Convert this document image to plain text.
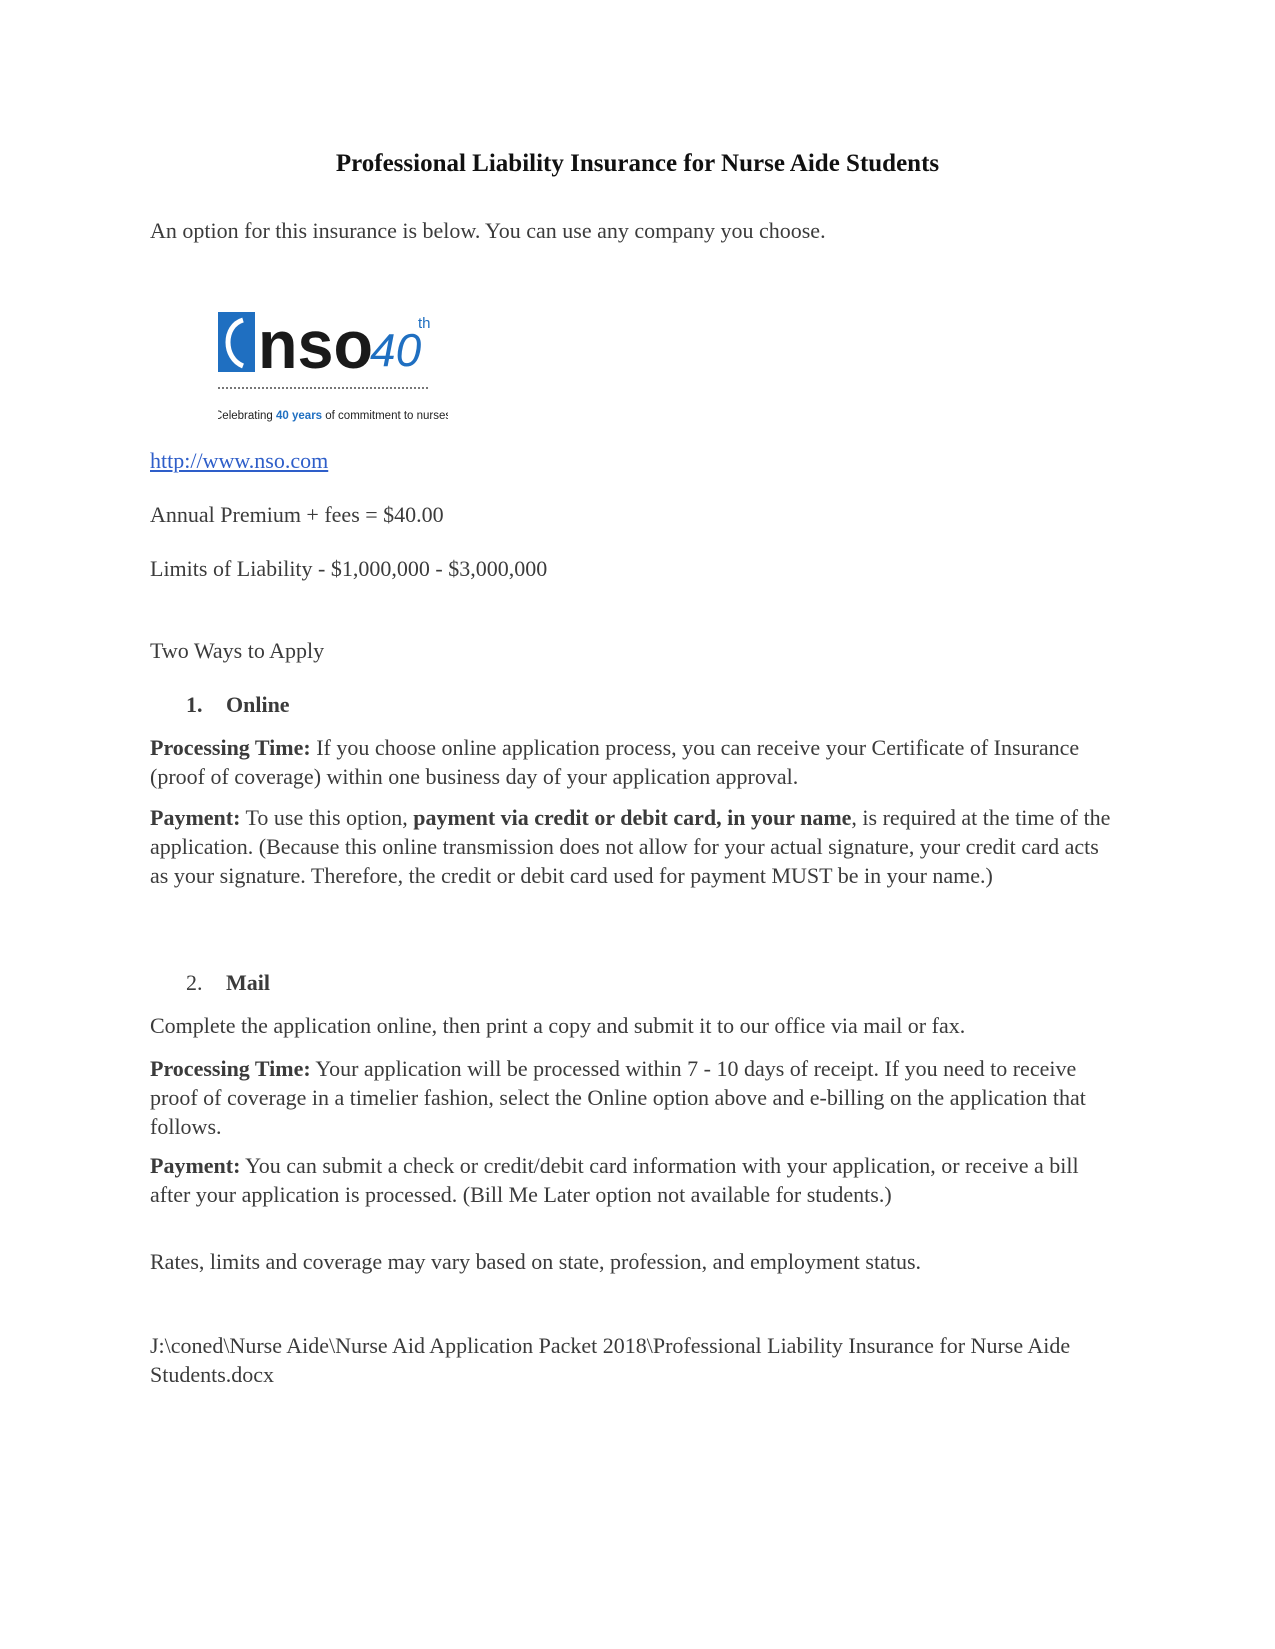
Professional Liability Insurance for Nurse Aide Students

An option for this insurance is below. You can use any company you choose.

nso
40
th
Celebrating 40 years of commitment to nurses

http://www.nso.com

Annual Premium + fees = $40.00

Limits of Liability - $1,000,000 - $3,000,000

Two Ways to Apply

1. Online

Processing Time: If you choose online application process, you can receive your Certificate of Insurance (proof of coverage) within one business day of your application approval.

Payment: To use this option, payment via credit or debit card, in your name, is required at the time of the application. (Because this online transmission does not allow for your actual signature, your credit card acts as your signature. Therefore, the credit or debit card used for payment MUST be in your name.)

2. Mail

Complete the application online, then print a copy and submit it to our office via mail or fax.

Processing Time: Your application will be processed within 7 - 10 days of receipt. If you need to receive proof of coverage in a timelier fashion, select the Online option above and e-billing on the application that follows.

Payment: You can submit a check or credit/debit card information with your application, or receive a bill after your application is processed. (Bill Me Later option not available for students.)

Rates, limits and coverage may vary based on state, profession, and employment status.

J:\coned\Nurse Aide\Nurse Aid Application Packet 2018\Professional Liability Insurance for Nurse Aide Students.docx
